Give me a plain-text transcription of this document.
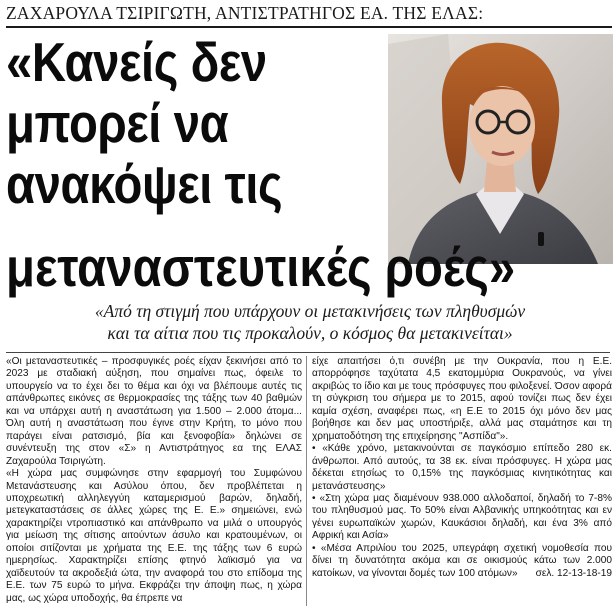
ΖΑΧΑΡΟΥΛΑ ΤΣΙΡΙΓΩΤΗ, ΑΝΤΙΣΤΡΑΤΗΓΟΣ ΕΑ. ΤΗΣ ΕΛΑΣ:
«Κανείς δεν
μπορεί να
ανακόψει τις
μεταναστευτικές ροές»
«Από τη στιγμή που υπάρχουν οι μετακινήσεις των πληθυσμών
και τα αίτια που τις προκαλούν, ο κόσμος θα μετακινείται»

«Οι μεταναστευτικές – προσφυγικές ροές είχαν ξεκινήσει από το 2023 με σταδιακή αύξηση, που σημαίνει πως, όφειλε το υπουργείο να το έχει δει το θέμα και όχι να βλέπουμε αυτές τις απάνθρωπες εικόνες σε θερμοκρασίες της τάξης των 40 βαθμών και να υπάρχει αυτή η αναστάτωση για 1.500 – 2.000 άτομα... Όλη αυτή η αναστάτωση που έγινε στην Κρήτη, το μόνο που παράγει είναι ρατσισμό, βία και ξενοφοβία» δηλώνει σε συνέντευξη της στον «Σ» η Αντιστράτηγος εα της ΕΛΑΣ Ζαχαρούλα Τσιριγώτη.

«Η χώρα μας συμφώνησε στην εφαρμογή του Συμφώνου Μετανάστευσης και Ασύλου όπου, δεν προβλέπεται η υποχρεωτική αλληλεγγύη καταμερισμού βαρών, δηλαδή, μετεγκαταστάσεις σε άλλες χώρες της Ε. Ε.» σημειώνει, ενώ χαρακτηρίζει ντροπιαστικό και απάνθρωπο να μιλά ο υπουργός για μείωση της σίτισης αιτούντων άσυλο και κρατουμένων, οι οποίοι σιτίζονται με χρήματα της Ε.Ε. της τάξης των 6 ευρώ ημερησίως. Χαρακτηρίζει επίσης φτηνό λαϊκισμό για να χαϊδευτούν τα ακροδεξιά ώτα, την αναφορά του στο επίδομα της Ε.Ε. των 75 ευρώ το μήνα. Εκφράζει την άποψη πως, η χώρα μας, ως χώρα υποδοχής, θα έπρεπε να

είχε απαιτήσει ό,τι συνέβη με την Ουκρανία, που η Ε.Ε. απορρόφησε ταχύτατα 4,5 εκατομμύρια Ουκρανούς, να γίνει ακριβώς το ίδιο και με τους πρόσφυγες που φιλοξενεί. Όσον αφορά τη σύγκριση του σήμερα με το 2015, αφού τονίζει πως δεν έχει καμία σχέση, αναφέρει πως, «η Ε.Ε το 2015 όχι μόνο δεν μας βοήθησε και δεν μας υποστήριξε, αλλά μας σταμάτησε και τη χρηματοδότηση της επιχείρησης "Ασπίδα"».

• «Κάθε χρόνο, μετακινούνται σε παγκόσμιο επίπεδο 280 εκ. άνθρωποι. Από αυτούς, τα 38 εκ. είναι πρόσφυγες. Η χώρα μας δέκεται ετησίως το 0,15% της παγκόσμιας κινητικότητας και μετανάστευσης»

• «Στη χώρα μας διαμένουν 938.000 αλλοδαποί, δηλαδή το 7-8% του πληθυσμού μας. Το 50% είναι Αλβανικής υπηκοότητας και εν γένει ευρωπαϊκών χωρών, Καυκάσιοι δηλαδή, και ένα 3% από Αφρική και Ασία»

• «Μέσα Απριλίου του 2025, υπεγράφη σχετική νομοθεσία που δίνει τη δυνατότητα ακόμα και σε οικισμούς κάτω των 2.000 κατοίκων, να γίνονται δομές των 100 ατόμων» σελ. 12-13-18-19
